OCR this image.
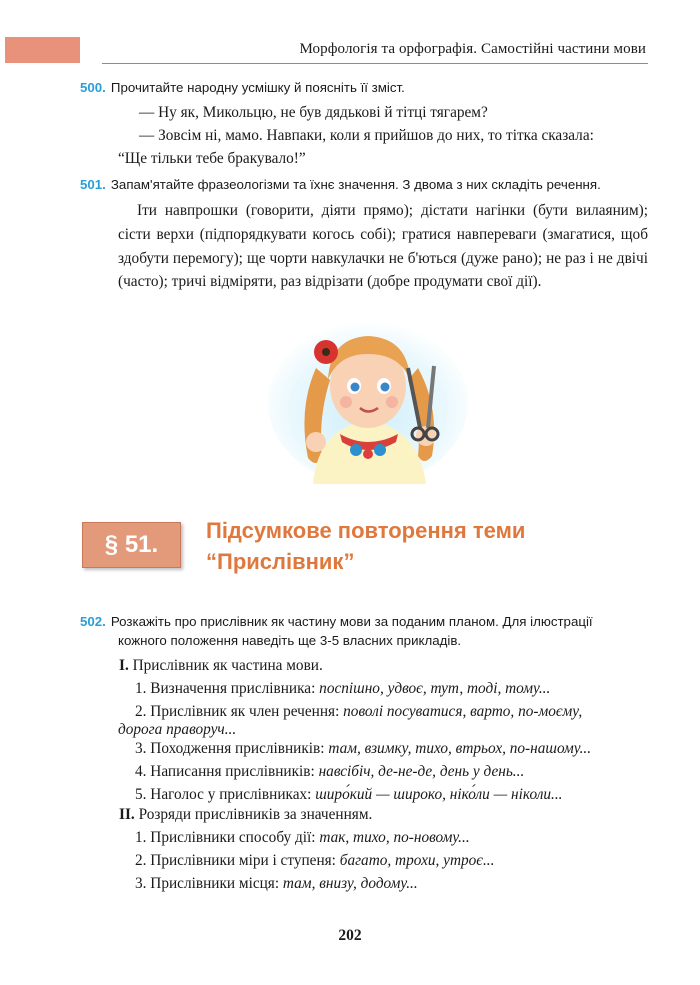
Морфологія та орфографія. Самостійні частини мови
500. Прочитайте народну усмішку й поясніть її зміст.
— Ну як, Микольцю, не був дядькові й тітці тягарем?
— Зовсім ні, мамо. Навпаки, коли я прийшов до них, то тітка сказала:
“Ще тільки тебе бракувало!”
501. Запам'ятайте фразеологізми та їхнє значення. З двома з них складіть речення.
Іти навпрошки (говорити, діяти прямо); дістати нагінки (бути вилаяним); сісти верхи (підпорядкувати когось собі); гратися навпереваги (змагатися, щоб здобути перемогу); ще чорти навкулачки не б'ються (дуже рано); не раз і не двічі (часто); тричі відміряти, раз відрізати (добре продумати свої дії).
§ 51.
Підсумкове повторення теми
“Прислівник”
502. Розкажіть про прислівник як частину мови за поданим планом. Для ілюстрації
кожного положення наведіть ще 3-5 власних прикладів.
I. Прислівник як частина мови.
1. Визначення прислівника: поспішно, удвоє, тут, тоді, тому...
2. Прислівник як член речення: поволі посуватися, варто, по-моєму,
дорога праворуч...
3. Походження прислівників: там, взимку, тихо, втрьох, по-нашому...
4. Написання прислівників: навсібіч, де-не-де, день у день...
5. Наголос у прислівниках: широ́кий — широко, ніко́ли — ніколи...
II. Розряди прислівників за значенням.
1. Прислівники способу дії: так, тихо, по-новому...
2. Прислівники міри і ступеня: багато, трохи, утроє...
3. Прислівники місця: там, внизу, додому...
202
